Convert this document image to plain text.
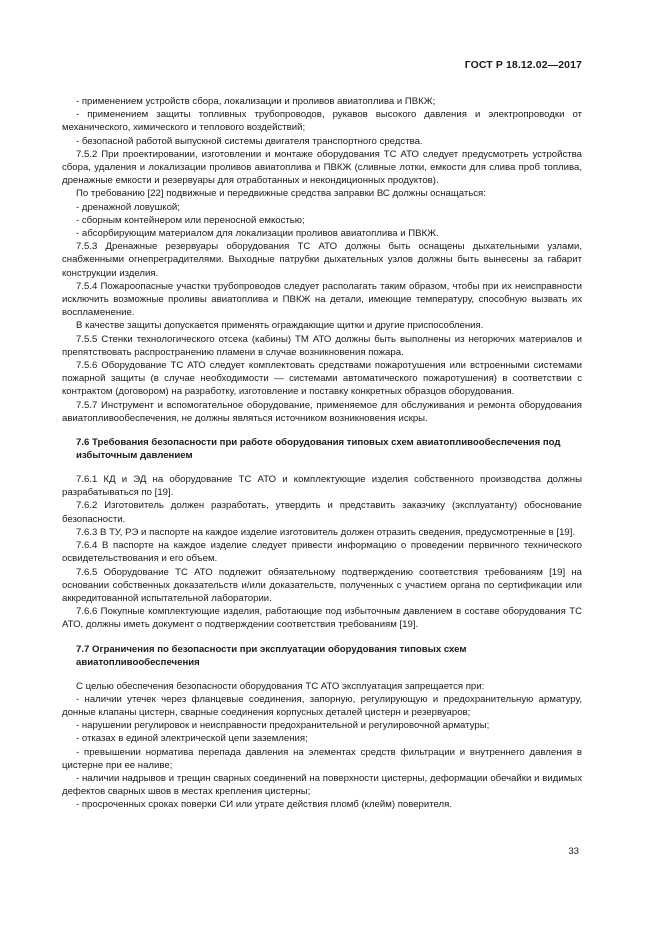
ГОСТ Р 18.12.02—2017

- применением устройств сбора, локализации и проливов авиатоплива и ПВКЖ;

- применением защиты топливных трубопроводов, рукавов высокого давления и электропроводки от механического, химического и теплового воздействий;

- безопасной работой выпускной системы двигателя транспортного средства.

7.5.2 При проектировании, изготовлении и монтаже оборудования ТС АТО следует предусмотреть устройства сбора, удаления и локализации проливов авиатоплива и ПВКЖ (сливные лотки, емкости для слива проб топлива, дренажные емкости и резервуары для отработанных и некондиционных продуктов).

По требованию [22] подвижные и передвижные средства заправки ВС должны оснащаться:

- дренажной ловушкой;

- сборным контейнером или переносной емкостью;

- абсорбирующим материалом для локализации проливов авиатоплива и ПВКЖ.

7.5.3 Дренажные резервуары оборудования ТС АТО должны быть оснащены дыхательными узлами, снабженными огнепреградителями. Выходные патрубки дыхательных узлов должны быть вынесены за габарит конструкции изделия.

7.5.4 Пожароопасные участки трубопроводов следует располагать таким образом, чтобы при их неисправности исключить возможные проливы авиатоплива и ПВКЖ на детали, имеющие температуру, способную вызвать их воспламенение.

В качестве защиты допускается применять ограждающие щитки и другие приспособления.

7.5.5 Стенки технологического отсека (кабины) ТМ АТО должны быть выполнены из негорючих материалов и препятствовать распространению пламени в случае возникновения пожара.

7.5.6 Оборудование ТС АТО следует комплектовать средствами пожаротушения или встроенными системами пожарной защиты (в случае необходимости — системами автоматического пожаротушения) в соответствии с контрактом (договором) на разработку, изготовление и поставку конкретных образцов оборудования.

7.5.7 Инструмент и вспомогательное оборудование, применяемое для обслуживания и ремонта оборудования авиатопливообеспечения, не должны являться источником возникновения искры.

7.6 Требования безопасности при работе оборудования типовых схем авиатопливообеспечения под избыточным давлением

7.6.1 КД и ЭД на оборудование ТС АТО и комплектующие изделия собственного производства должны разрабатываться по [19].

7.6.2 Изготовитель должен разработать, утвердить и представить заказчику (эксплуатанту) обоснование безопасности.

7.6.3 В ТУ, РЭ и паспорте на каждое изделие изготовитель должен отразить сведения, предусмотренные в [19].

7.6.4 В паспорте на каждое изделие следует привести информацию о проведении первичного технического освидетельствования и его объем.

7.6.5 Оборудование ТС АТО подлежит обязательному подтверждению соответствия требованиям [19] на основании собственных доказательств и/или доказательств, полученных с участием органа по сертификации или аккредитованной испытательной лаборатории.

7.6.6 Покупные комплектующие изделия, работающие под избыточным давлением в составе оборудования ТС АТО, должны иметь документ о подтверждении соответствия требованиям [19].

7.7 Ограничения по безопасности при эксплуатации оборудования типовых схем авиатопливообеспечения

С целью обеспечения безопасности оборудования ТС АТО эксплуатация запрещается при:

- наличии утечек через фланцевые соединения, запорную, регулирующую и предохранительную арматуру, донные клапаны цистерн, сварные соединения корпусных деталей цистерн и резервуаров;

- нарушении регулировок и неисправности предохранительной и регулировочной арматуры;

- отказах в единой электрической цепи заземления;

- превышении норматива перепада давления на элементах средств фильтрации и внутреннего давления в цистерне при ее наливе;

- наличии надрывов и трещин сварных соединений на поверхности цистерны, деформации обечайки и видимых дефектов сварных швов в местах крепления цистерны;

- просроченных сроках поверки СИ или утрате действия пломб (клейм) поверителя.

33
